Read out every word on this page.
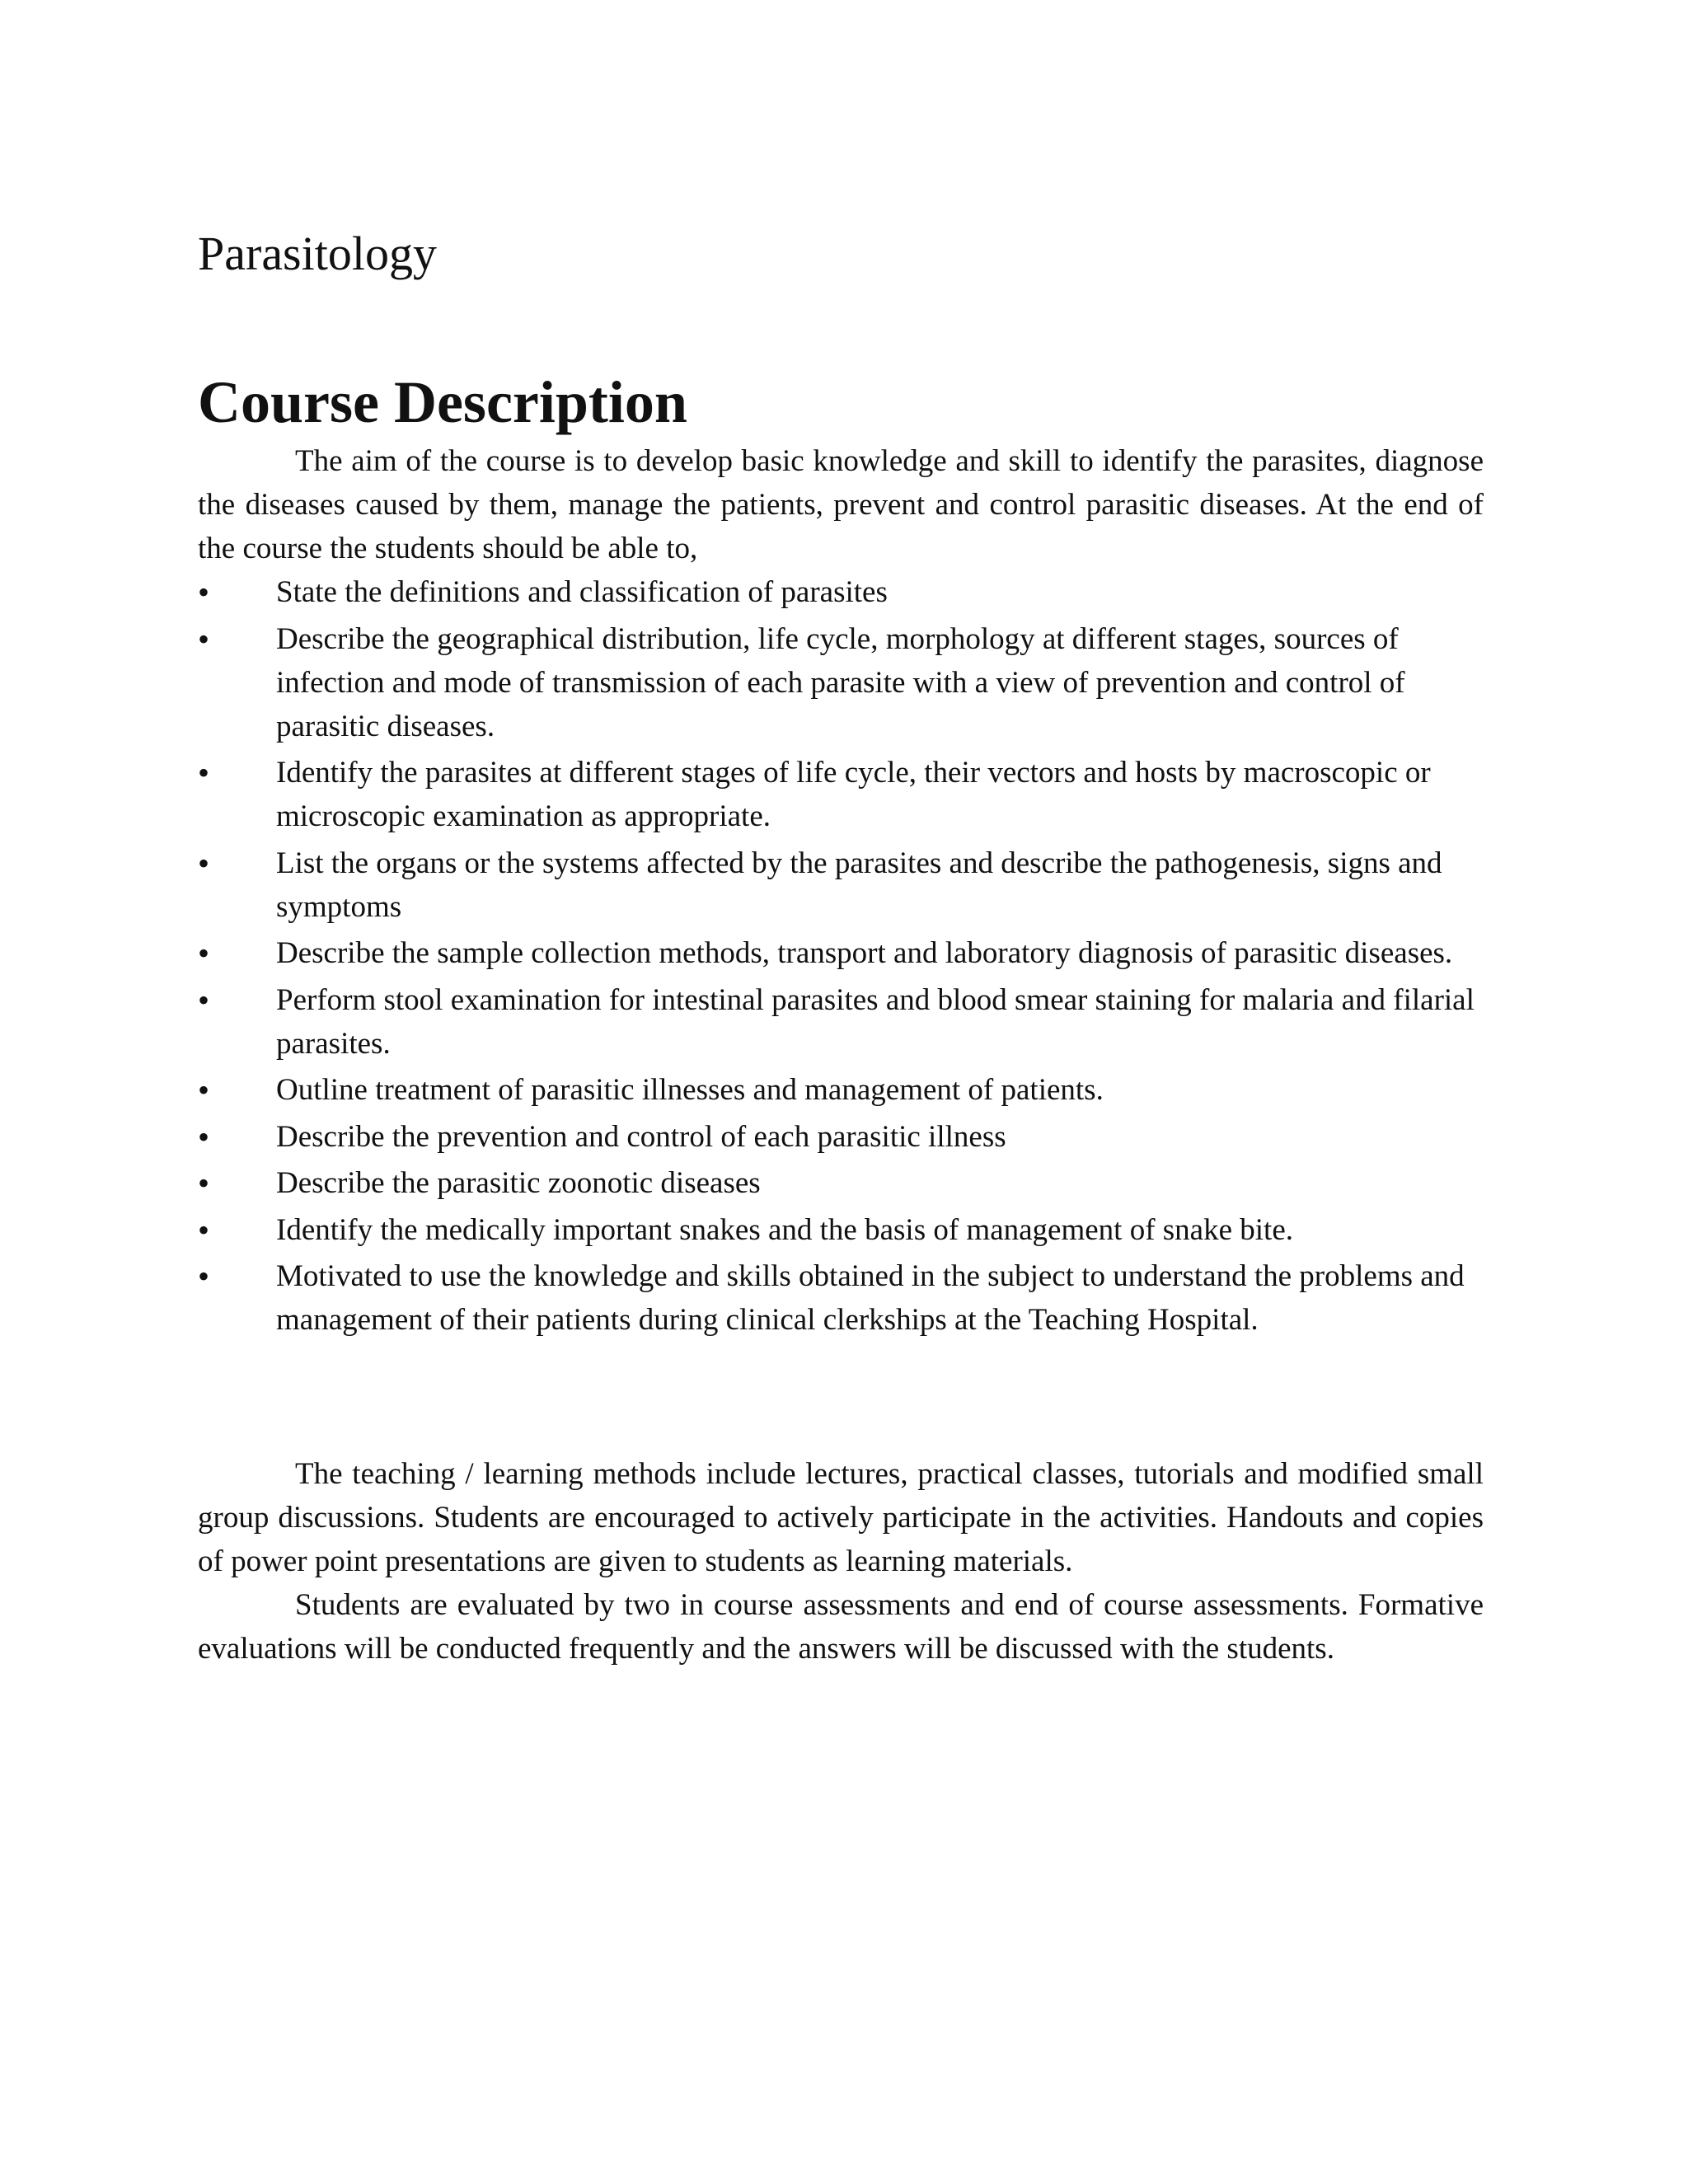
Parasitology
Course Description

The aim of the course is to develop basic knowledge and skill to identify the parasites, diagnose the diseases caused by them, manage the patients, prevent and control parasitic diseases. At the end of the course the students should be able to,

•	State the definitions and classification of parasites
•	Describe the geographical distribution, life cycle, morphology at different stages, sources of infection and mode of transmission of each parasite with a view of prevention and control of parasitic diseases.
•	Identify the parasites at different stages of life cycle, their vectors and hosts by macroscopic or microscopic examination as appropriate.
•	List the organs or the systems affected by the parasites and describe the pathogenesis, signs and symptoms
•	Describe the sample collection methods, transport and laboratory diagnosis of parasitic diseases.
•	Perform stool examination for intestinal parasites and blood smear staining for malaria and filarial parasites.
•	Outline treatment of parasitic illnesses and management of patients.
•	Describe the prevention and control of each parasitic illness
•	Describe the parasitic zoonotic diseases
•	Identify the medically important snakes and the basis of management of snake bite.
•	Motivated to use the knowledge and skills obtained in the subject to understand the problems and management of their patients during clinical clerkships at the Teaching Hospital.

The teaching / learning methods include lectures, practical classes, tutorials and modified small group discussions. Students are encouraged to actively participate in the activities. Handouts and copies of power point presentations are given to students as learning materials.

Students are evaluated by two in course assessments and end of course assessments. Formative evaluations will be conducted frequently and the answers will be discussed with the students.
